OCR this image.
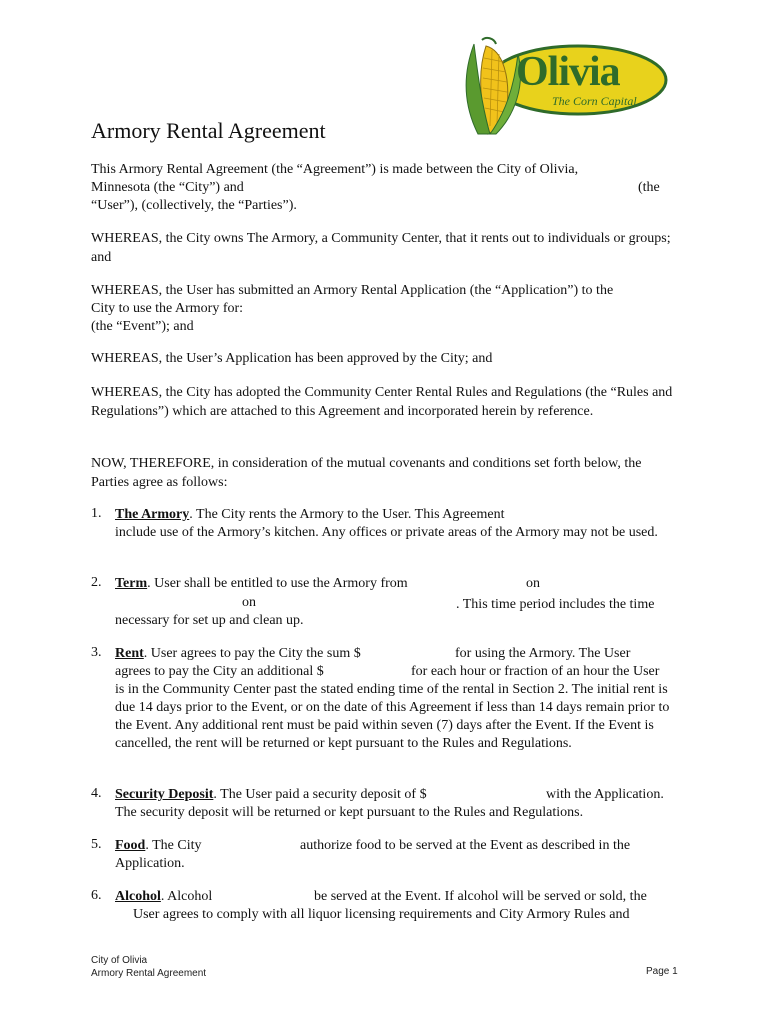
Olivia
The Corn Capital
Armory Rental Agreement
This Armory Rental Agreement (the “Agreement”) is made between the City of Olivia,
Minnesota (the “City”) and	(the
“User”), (collectively, the “Parties”).

WHEREAS, the City owns The Armory, a Community Center, that it rents out to individuals or groups; and

WHEREAS, the User has submitted an Armory Rental Application (the “Application”) to the
City to use the Armory for:
(the “Event”); and
WHEREAS, the User’s Application has been approved by the City; and

WHEREAS, the City has adopted the Community Center Rental Rules and Regulations (the “Rules and Regulations”) which are attached to this Agreement and incorporated herein by reference.

NOW, THEREFORE, in consideration of the mutual covenants and conditions set forth below, the Parties agree as follows:

1. The Armory. The City rents the Armory to the User. This Agreement
include use of the Armory’s kitchen. Any offices or private areas of the Armory may not be used.
2. Term. User shall be entitled to use the Armory from	on
on	. This time period includes the time
necessary for set up and clean up.
3. Rent. User agrees to pay the City the sum $	for using the Armory. The User
agrees to pay the City an additional $	for each hour or fraction of an hour the User
is in the Community Center past the stated ending time of the rental in Section 2. The initial rent is due 14 days prior to the Event, or on the date of this Agreement if less than 14 days remain prior to the Event. Any additional rent must be paid within seven (7) days after the Event. If the Event is cancelled, the rent will be returned or kept pursuant to the Rules and Regulations.
4. Security Deposit. The User paid a security deposit of $	with the Application.
The security deposit will be returned or kept pursuant to the Rules and Regulations.
5. Food. The City	authorize food to be served at the Event as described in the
Application.
6. Alcohol. Alcohol	be served at the Event. If alcohol will be served or sold, the
User agrees to comply with all liquor licensing requirements and City Armory Rules and
City of Olivia
Armory Rental Agreement	Page 1
